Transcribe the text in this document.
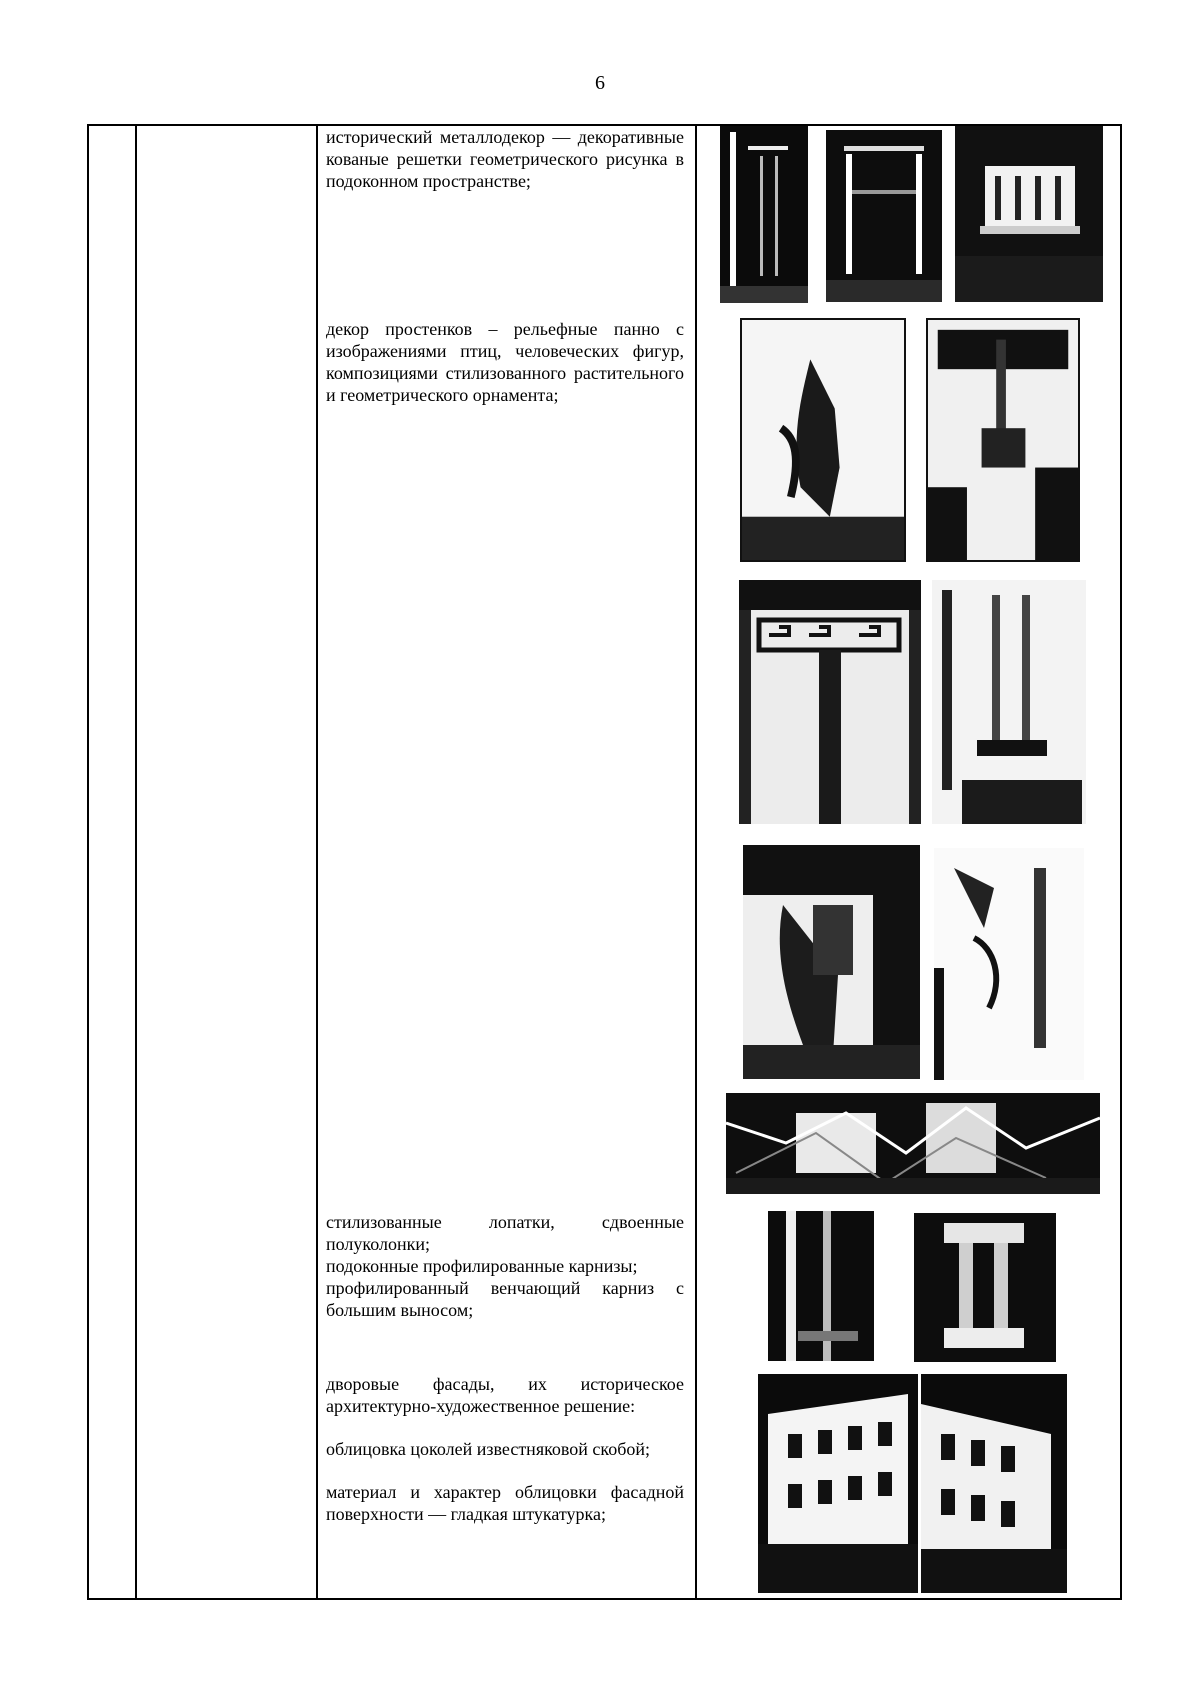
6

исторический металлодекор — декоративные кованые решетки геометрического рисунка в подоконном пространстве;

декор простенков – рельефные панно с изображениями птиц, человеческих фигур, композициями стилизованного растительного и геометрического орнамента;

стилизованные лопатки, сдвоенные полуколонки;

подоконные профилированные карнизы;

профилированный венчающий карниз с большим выносом;

дворовые фасады, их историческое архитектурно-художественное решение:

облицовка цоколей известняковой скобой;

материал и характер облицовки фасадной поверхности — гладкая штукатурка;
